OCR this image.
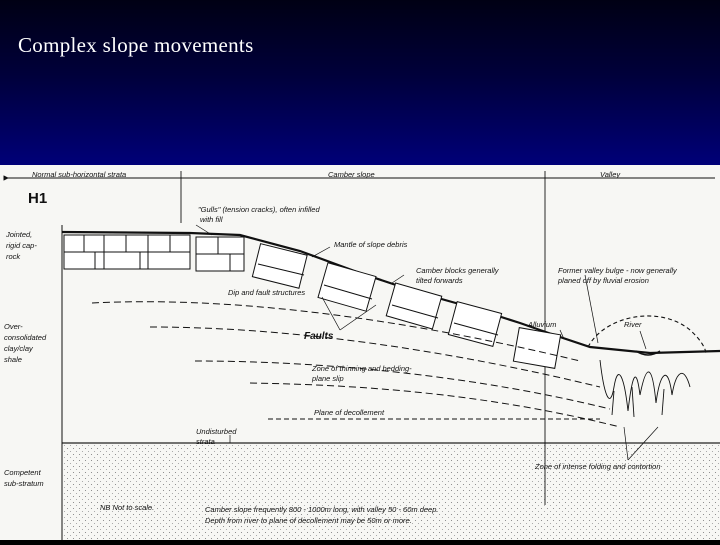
Complex slope movements
Normal sub-horizontal strata	Camber slope	Valley
H1
Jointed,
rigid cap-
rock
Over-
consolidated
clay/clay
shale
Competent
sub-stratum
"Gulls" (tension cracks), often infilled
with fill
Mantle of slope debris
Camber blocks generally
tilted forwards
Dip and fault structures
Faults
Former valley bulge - now generally
planed off by fluvial erosion
Alluvium	River
Zone of thinning and bedding-
plane slip
Plane of decollement
Undisturbed
strata
Zone of intense folding and contortion
NB Not to scale.	Camber slope frequently 800 - 1000m long, with valley 50 - 60m deep.
Depth from river to plane of decollement may be 50m or more.
